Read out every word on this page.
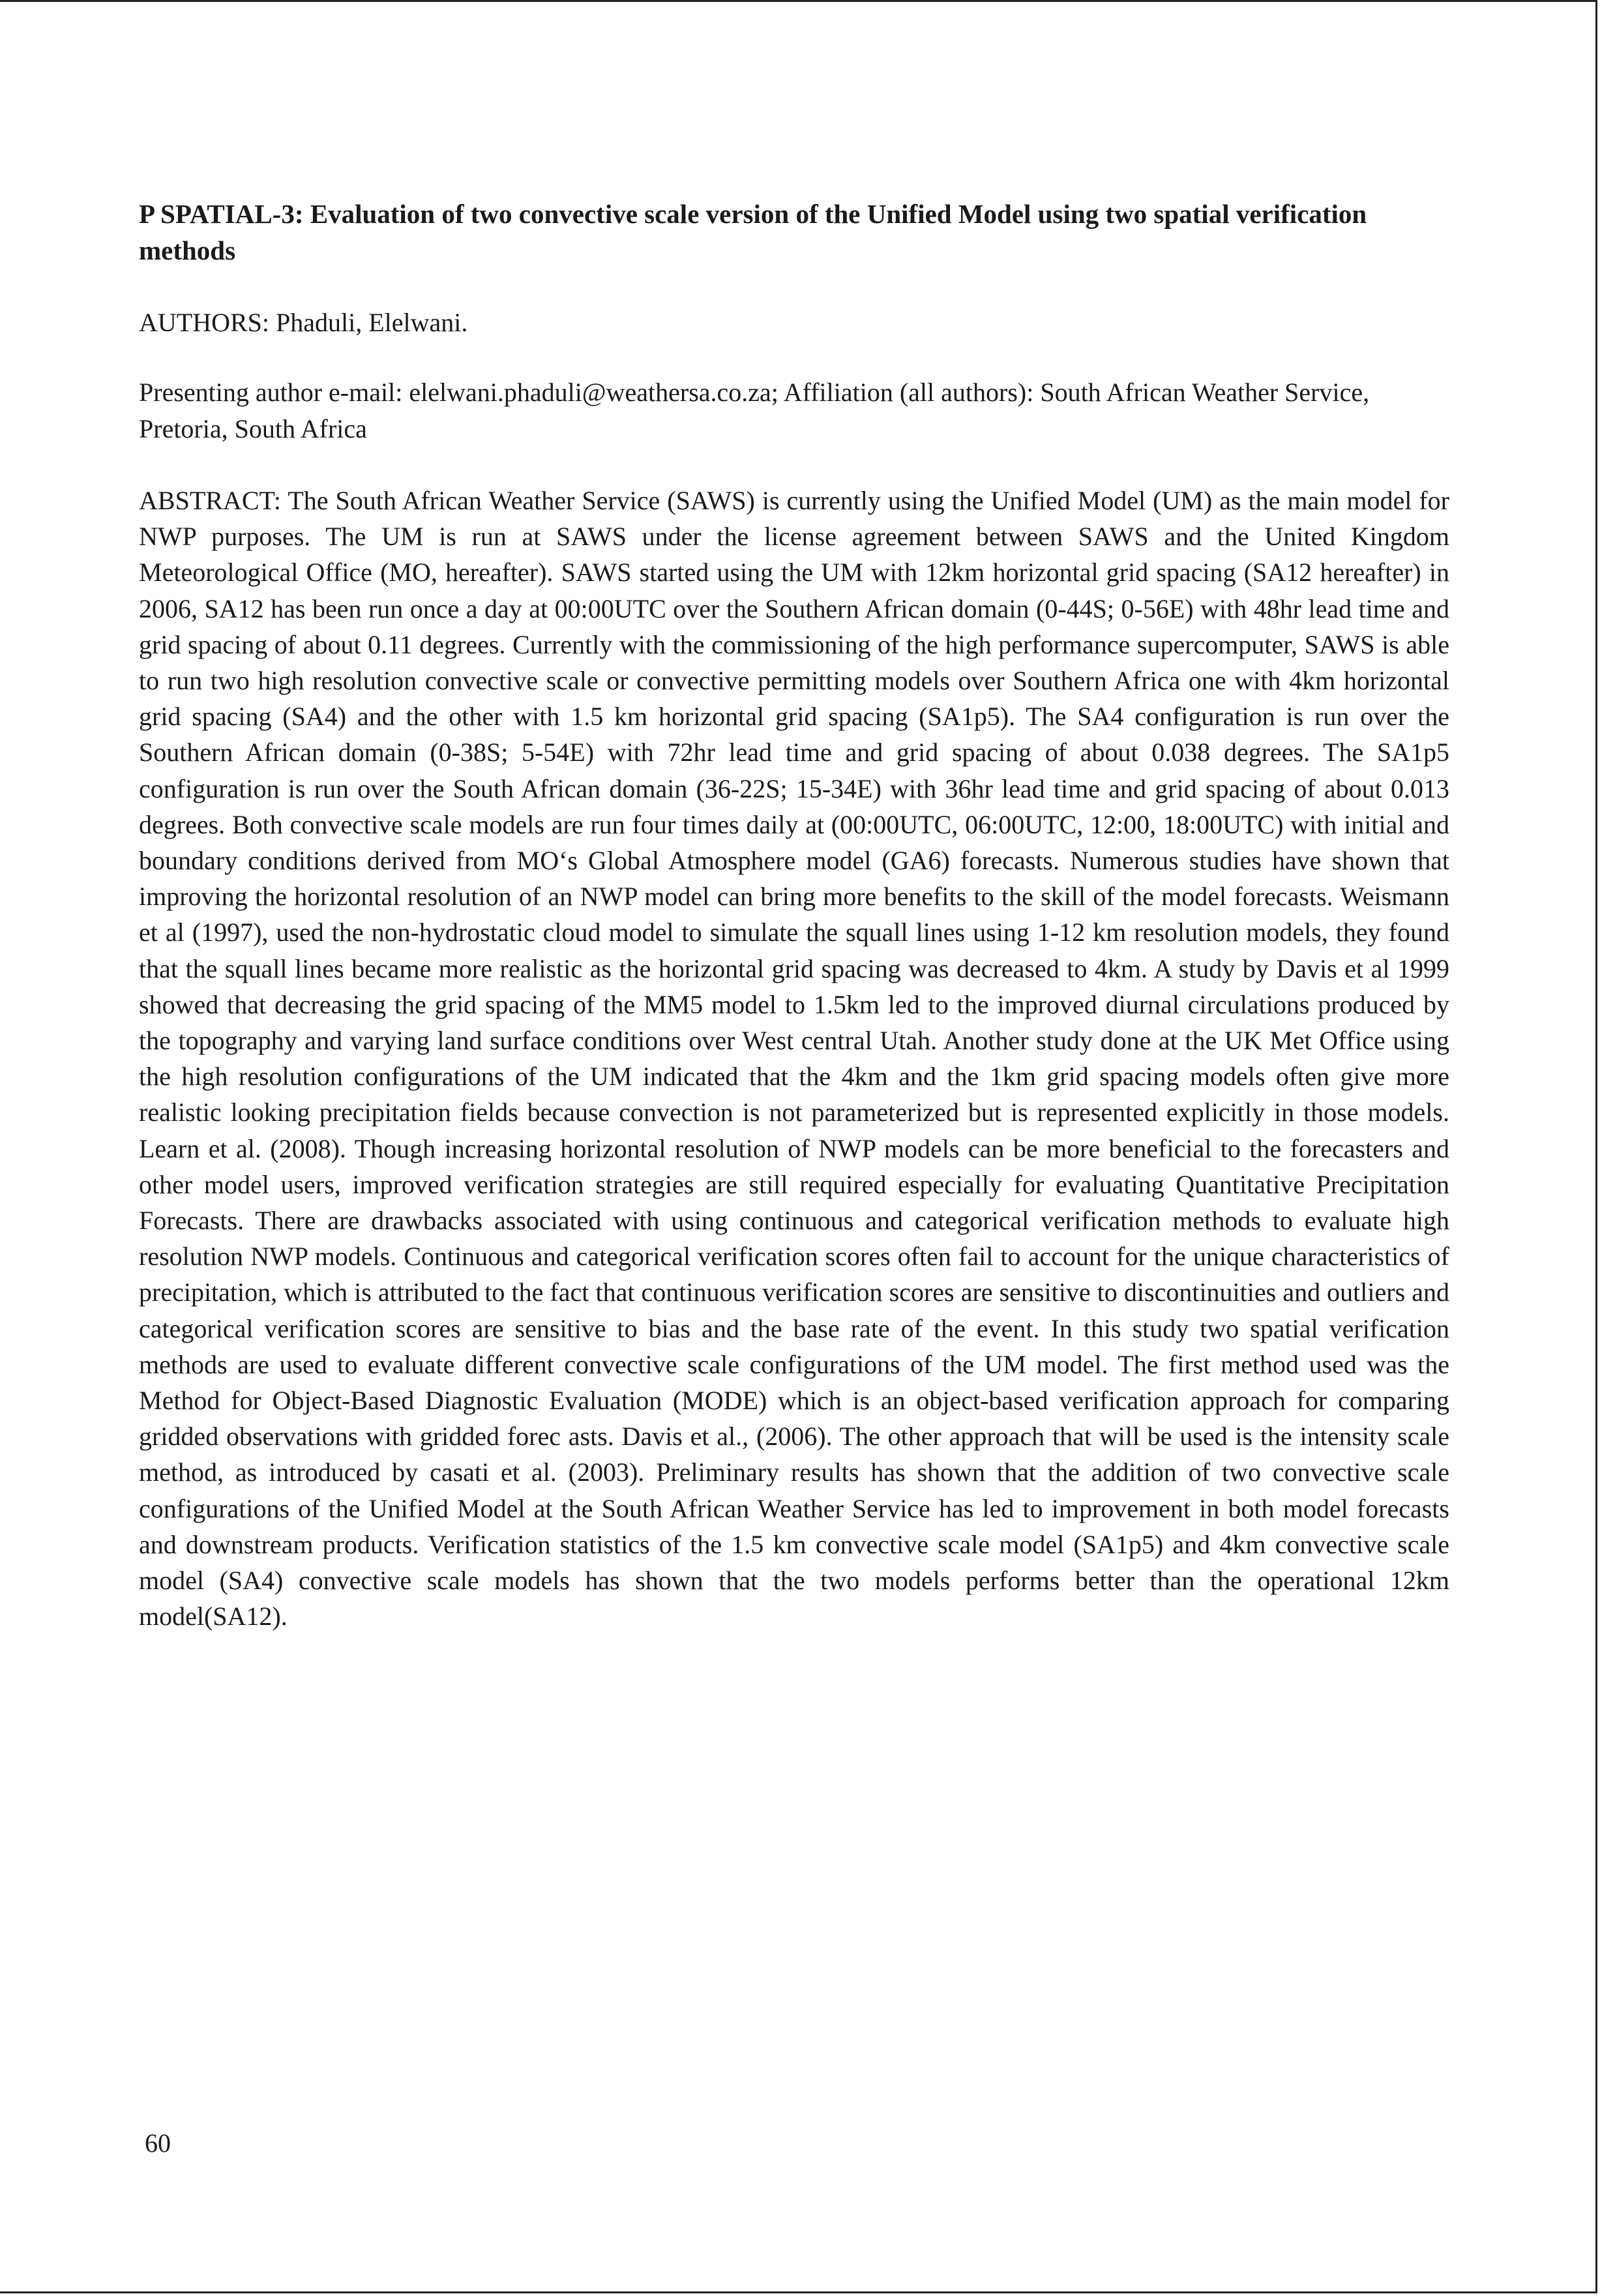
P SPATIAL-3: Evaluation of two convective scale version of the Unified Model using two spatial verification methods
AUTHORS: Phaduli, Elelwani.
Presenting author e-mail: elelwani.phaduli@weathersa.co.za; Affiliation (all authors): South African Weather Service, Pretoria, South Africa
ABSTRACT: The South African Weather Service (SAWS) is currently using the Unified Model (UM) as the main model for NWP purposes. The UM is run at SAWS under the license agreement between SAWS and the United Kingdom Meteorological Office (MO, hereafter). SAWS started using the UM with 12km horizontal grid spacing (SA12 hereafter) in 2006, SA12 has been run once a day at 00:00UTC over the Southern African domain (0-44S; 0-56E) with 48hr lead time and grid spacing of about 0.11 degrees. Currently with the commissioning of the high performance supercomputer, SAWS is able to run two high resolution convective scale or convective permitting models over Southern Africa one with 4km horizontal grid spacing (SA4) and the other with 1.5 km horizontal grid spacing (SA1p5). The SA4 configuration is run over the Southern African domain (0-38S; 5-54E) with 72hr lead time and grid spacing of about 0.038 degrees. The SA1p5 configuration is run over the South African domain (36-22S; 15-34E) with 36hr lead time and grid spacing of about 0.013 degrees. Both convective scale models are run four times daily at (00:00UTC, 06:00UTC, 12:00, 18:00UTC) with initial and boundary conditions derived from MO‘s Global Atmosphere model (GA6) forecasts. Numerous studies have shown that improving the horizontal resolution of an NWP model can bring more benefits to the skill of the model forecasts. Weismann et al (1997), used the non-hydrostatic cloud model to simulate the squall lines using 1-12 km resolution models, they found that the squall lines became more realistic as the horizontal grid spacing was decreased to 4km. A study by Davis et al 1999 showed that decreasing the grid spacing of the MM5 model to 1.5km led to the improved diurnal circulations produced by the topography and varying land surface conditions over West central Utah. Another study done at the UK Met Office using the high resolution configurations of the UM indicated that the 4km and the 1km grid spacing models often give more realistic looking precipitation fields because convection is not parameterized but is represented explicitly in those models. Learn et al. (2008). Though increasing horizontal resolution of NWP models can be more beneficial to the forecasters and other model users, improved verification strategies are still required especially for evaluating Quantitative Precipitation Forecasts. There are drawbacks associated with using continuous and categorical verification methods to evaluate high resolution NWP models. Continuous and categorical verification scores often fail to account for the unique characteristics of precipitation, which is attributed to the fact that continuous verification scores are sensitive to discontinuities and outliers and categorical verification scores are sensitive to bias and the base rate of the event. In this study two spatial verification methods are used to evaluate different convective scale configurations of the UM model. The first method used was the Method for Object-Based Diagnostic Evaluation (MODE) which is an object-based verification approach for comparing gridded observations with gridded forec asts. Davis et al., (2006). The other approach that will be used is the intensity scale method, as introduced by casati et al. (2003). Preliminary results has shown that the addition of two convective scale configurations of the Unified Model at the South African Weather Service has led to improvement in both model forecasts and downstream products. Verification statistics of the 1.5 km convective scale model (SA1p5) and 4km convective scale model (SA4) convective scale models has shown that the two models performs better than the operational 12km model(SA12).
60
